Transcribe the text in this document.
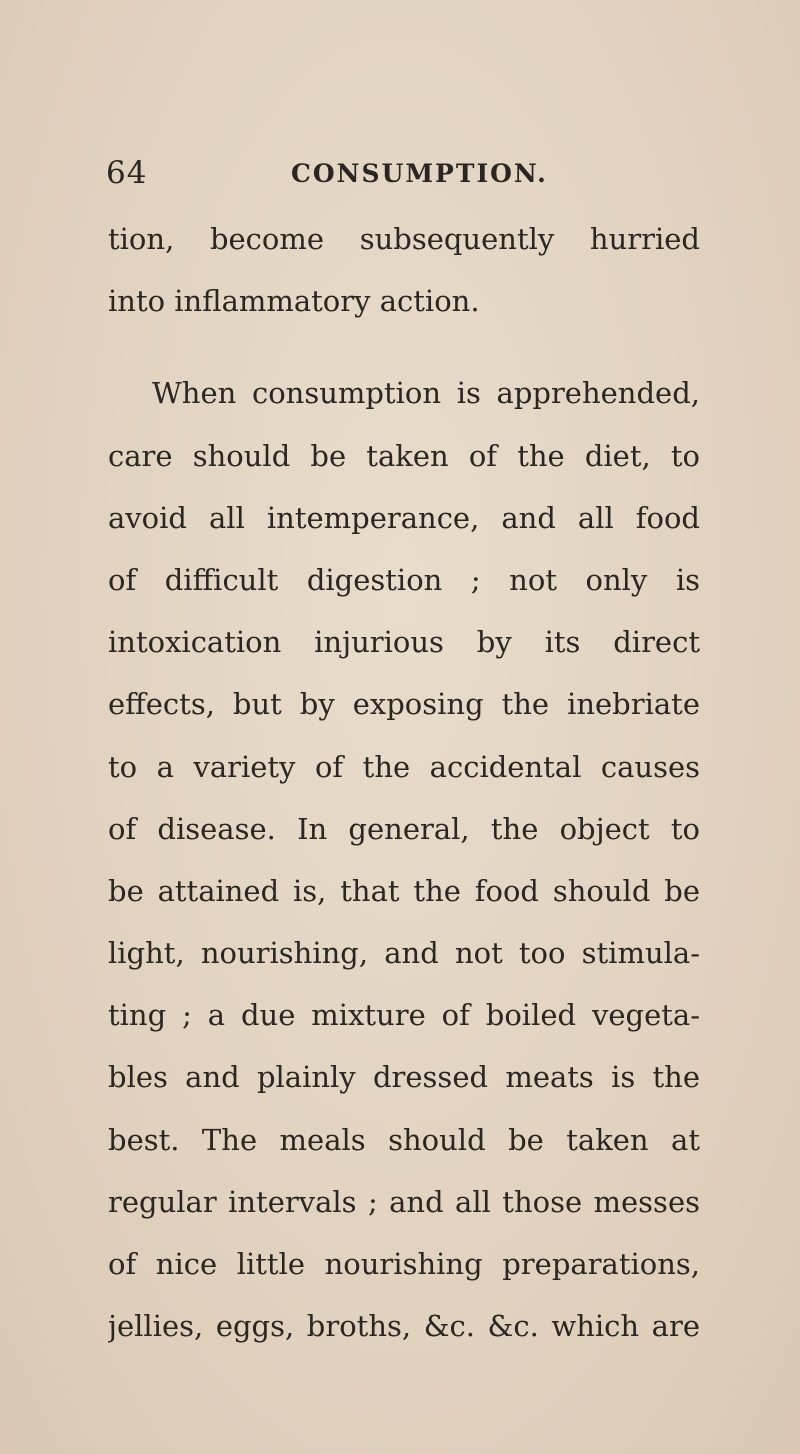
64	CONSUMPTION.
tion, become subsequently hurried
into inflammatory action.
When consumption is apprehended,
care should be taken of the diet, to
avoid all intemperance, and all food
of difficult digestion ; not only is
intoxication injurious by its direct
effects, but by exposing the inebriate
to a variety of the accidental causes
of disease. In general, the object to
be attained is, that the food should be
light, nourishing, and not too stimula-
ting ; a due mixture of boiled vegeta-
bles and plainly dressed meats is the
best. The meals should be taken at
regular intervals ; and all those messes
of nice little nourishing preparations,
jellies, eggs, broths, &c. &c. which are
